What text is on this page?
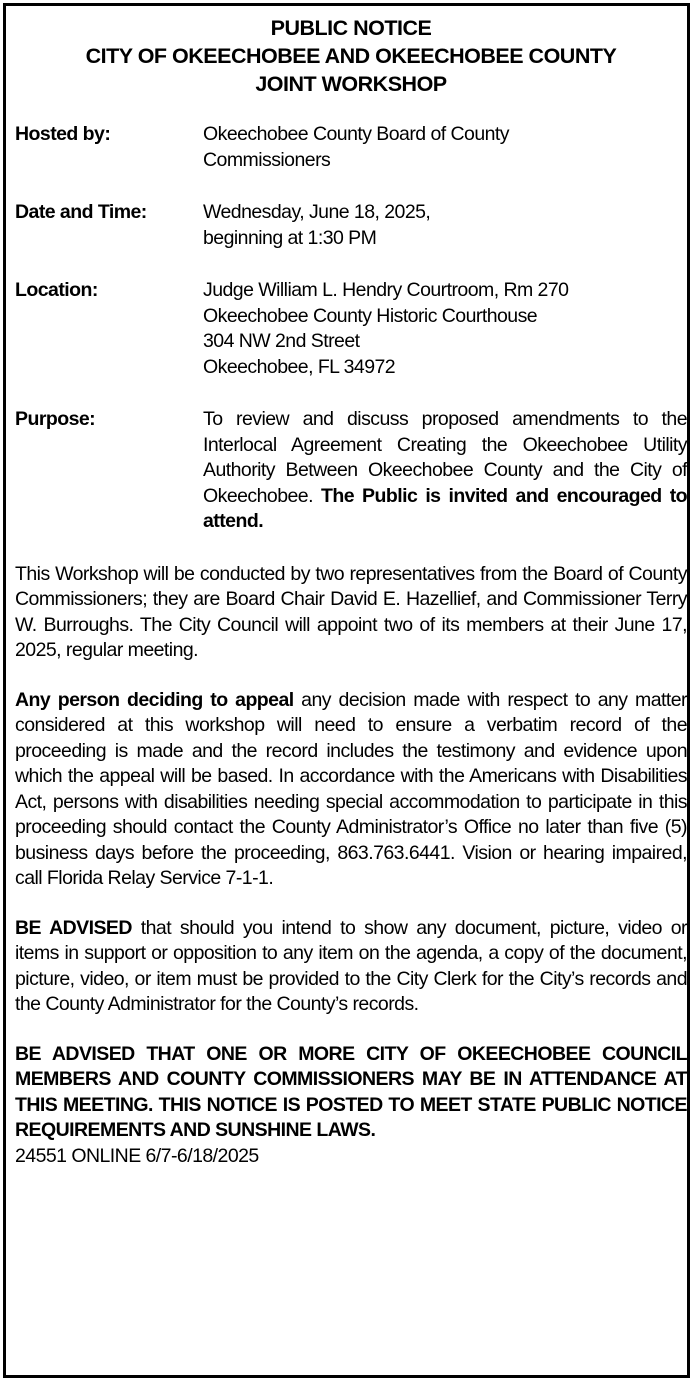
PUBLIC NOTICE
CITY OF OKEECHOBEE AND OKEECHOBEE COUNTY
JOINT WORKSHOP
Hosted by:	Okeechobee County Board of County
Commissioners
Date and Time:	Wednesday, June 18, 2025,
beginning at 1:30 PM
Location:	Judge William L. Hendry Courtroom, Rm 270
Okeechobee County Historic Courthouse
304 NW 2nd Street
Okeechobee, FL 34972
Purpose:	To review and discuss proposed amendments to the Interlocal Agreement Creating the Okeechobee Utility Authority Between Okeechobee County and the City of Okeechobee. The Public is invited and encouraged to attend.
This Workshop will be conducted by two representatives from the Board of County Commissioners; they are Board Chair David E. Hazellief, and Commissioner Terry W. Burroughs. The City Council will appoint two of its members at their June 17, 2025, regular meeting.
Any person deciding to appeal any decision made with respect to any matter considered at this workshop will need to ensure a verbatim record of the proceeding is made and the record includes the testimony and evidence upon which the appeal will be based. In accordance with the Americans with Disabilities Act, persons with disabilities needing special accommodation to participate in this proceeding should contact the County Administrator’s Office no later than five (5) business days before the proceeding, 863.763.6441. Vision or hearing impaired, call Florida Relay Service 7-1-1.
BE ADVISED that should you intend to show any document, picture, video or items in support or opposition to any item on the agenda, a copy of the document, picture, video, or item must be provided to the City Clerk for the City’s records and the County Administrator for the County’s records.
BE ADVISED THAT ONE OR MORE CITY OF OKEECHOBEE COUNCIL MEMBERS AND COUNTY COMMISSIONERS MAY BE IN ATTENDANCE AT THIS MEETING. THIS NOTICE IS POSTED TO MEET STATE PUBLIC NOTICE REQUIREMENTS AND SUNSHINE LAWS.
24551 ONLINE 6/7-6/18/2025
